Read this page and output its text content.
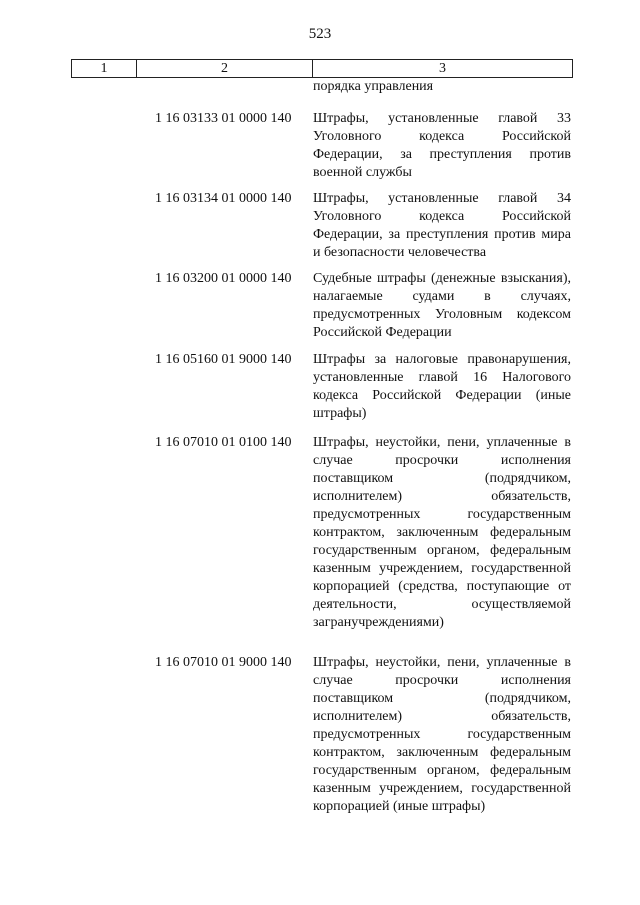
523
1	2	3
порядка управления
1 16 03133 01 0000 140 Штрафы, установленные главой 33 Уголовного кодекса Российской Федерации, за преступления против военной службы
1 16 03134 01 0000 140 Штрафы, установленные главой 34 Уголовного кодекса Российской Федерации, за преступления против мира и безопасности человечества
1 16 03200 01 0000 140 Судебные штрафы (денежные взыскания), налагаемые судами в случаях, предусмотренных Уголовным кодексом Российской Федерации
1 16 05160 01 9000 140 Штрафы за налоговые правонарушения, установленные главой 16 Налогового кодекса Российской Федерации (иные штрафы)
1 16 07010 01 0100 140 Штрафы, неустойки, пени, уплаченные в случае просрочки исполнения поставщиком (подрядчиком, исполнителем) обязательств, предусмотренных государственным контрактом, заключенным федеральным государственным органом, федеральным казенным учреждением, государственной корпорацией (средства, поступающие от деятельности, осуществляемой загранучреждениями)
1 16 07010 01 9000 140 Штрафы, неустойки, пени, уплаченные в случае просрочки исполнения поставщиком (подрядчиком, исполнителем) обязательств, предусмотренных государственным контрактом, заключенным федеральным государственным органом, федеральным казенным учреждением, государственной корпорацией (иные штрафы)
